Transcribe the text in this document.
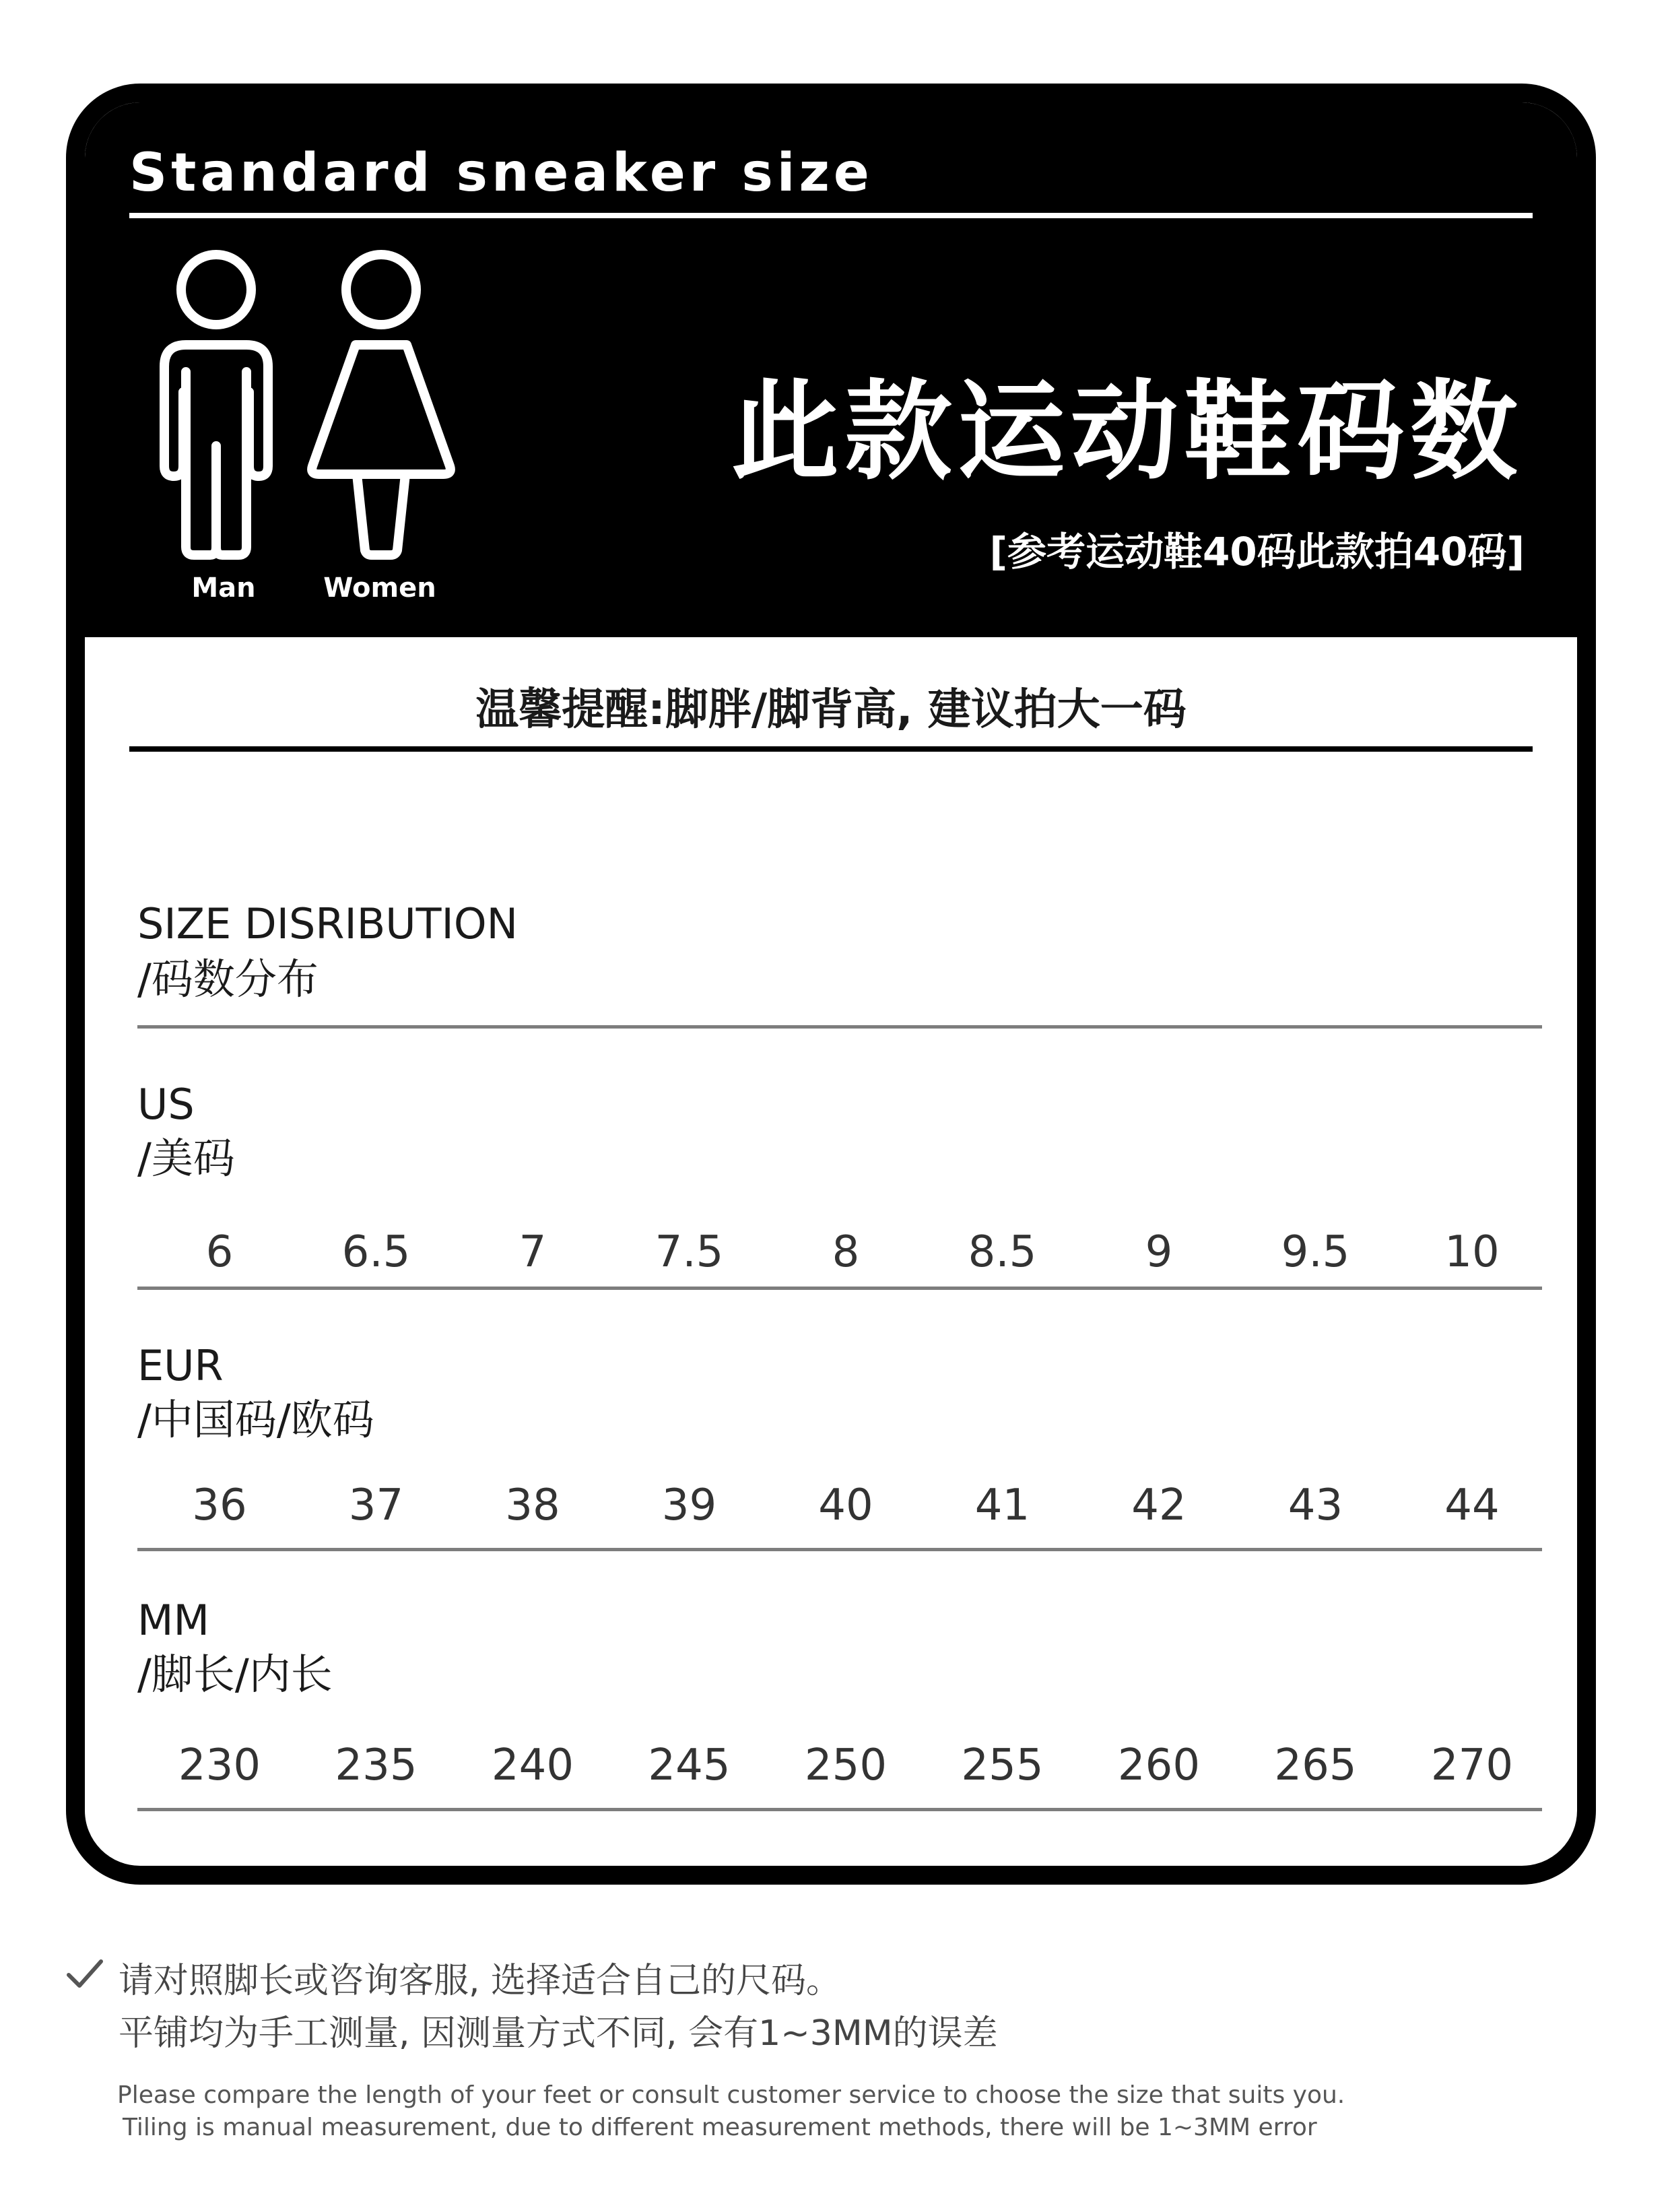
Standard sneaker size
Man	Women
此款运动鞋码数
[参考运动鞋40码此款拍40码]
温馨提醒:脚胖/脚背高, 建议拍大一码
SIZE DISRIBUTION
/码数分布
US
/美码
6	6.5	7	7.5	8	8.5	9	9.5	10
EUR
/中国码/欧码
36	37	38	39	40	41	42	43	44
MM
/脚长/内长
230	235	240	245	250	255	260	265	270
请对照脚长或咨询客服, 选择适合自己的尺码。
平铺均为手工测量, 因测量方式不同, 会有1~3MM的误差
Please compare the length of your feet or consult customer service to choose the size that suits you.
Tiling is manual measurement, due to different measurement methods, there will be 1~3MM error
